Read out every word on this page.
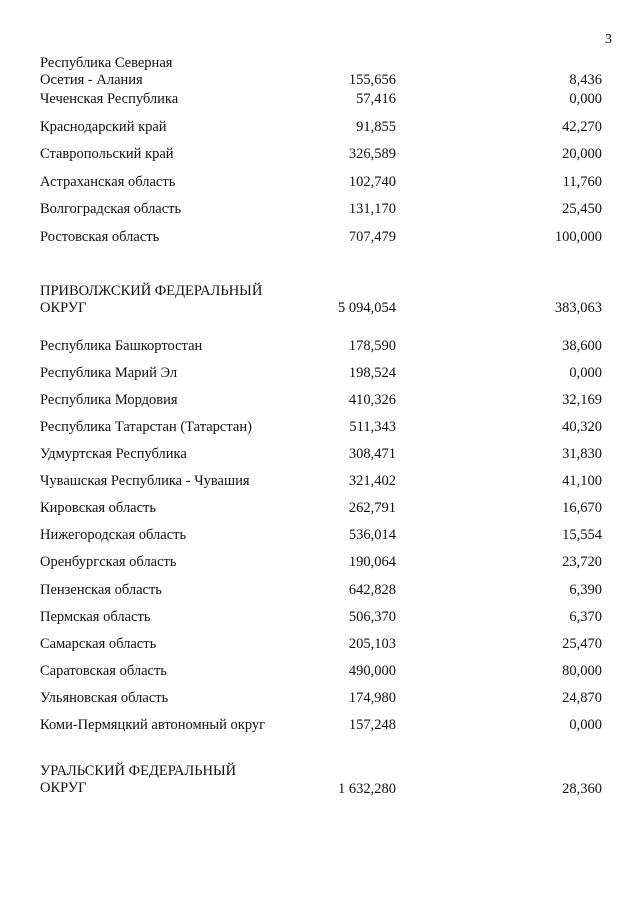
3
Республика Северная
Осетия - Алания	155,656	8,436
Чеченская Республика	57,416	0,000
Краснодарский край	91,855	42,270
Ставропольский край	326,589	20,000
Астраханская область	102,740	11,760
Волгоградская область	131,170	25,450
Ростовская область	707,479	100,000
ПРИВОЛЖСКИЙ ФЕДЕРАЛЬНЫЙ
ОКРУГ	5 094,054	383,063
Республика Башкортостан	178,590	38,600
Республика Марий Эл	198,524	0,000
Республика Мордовия	410,326	32,169
Республика Татарстан (Татарстан)	511,343	40,320
Удмуртская Республика	308,471	31,830
Чувашская Республика - Чувашия	321,402	41,100
Кировская область	262,791	16,670
Нижегородская область	536,014	15,554
Оренбургская область	190,064	23,720
Пензенская область	642,828	6,390
Пермская область	506,370	6,370
Самарская область	205,103	25,470
Саратовская область	490,000	80,000
Ульяновская область	174,980	24,870
Коми-Пермяцкий автономный округ	157,248	0,000
УРАЛЬСКИЙ ФЕДЕРАЛЬНЫЙ
ОКРУГ	1 632,280	28,360
